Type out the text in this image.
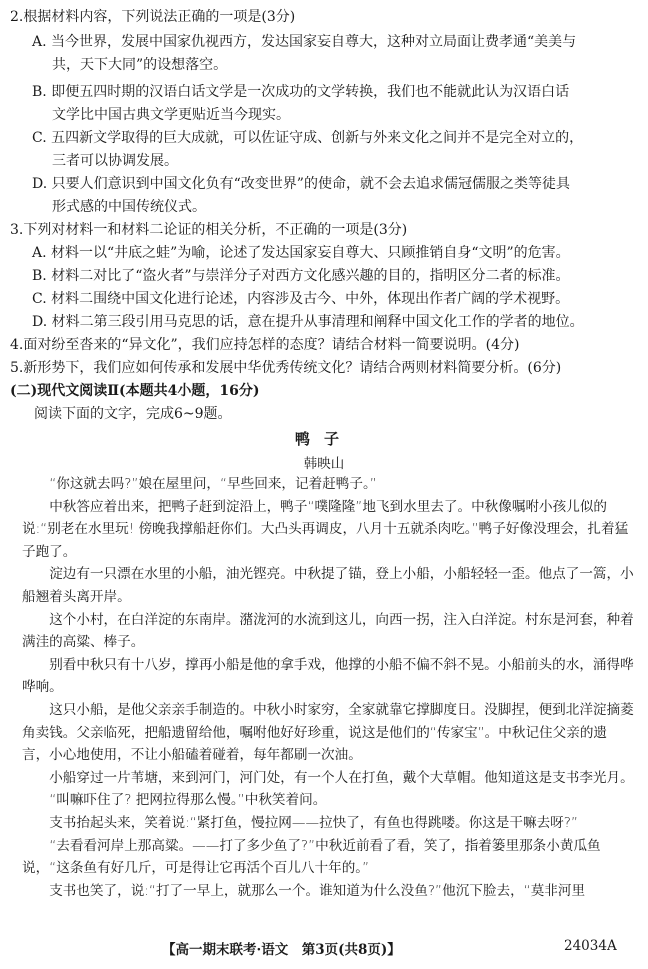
2.根据材料内容，下列说法正确的一项是(3分)

A. 当今世界，发展中国家仇视西方，发达国家妄自尊大，这种对立局面让费孝通“美美与
共，天下大同”的设想落空。
B. 即便五四时期的汉语白话文学是一次成功的文学转换，我们也不能就此认为汉语白话
文学比中国古典文学更贴近当今现实。
C. 五四新文学取得的巨大成就，可以佐证守成、创新与外来文化之间并不是完全对立的，
三者可以协调发展。
D. 只要人们意识到中国文化负有“改变世界”的使命，就不会去追求儒冠儒服之类等徒具
形式感的中国传统仪式。

3.下列对材料一和材料二论证的相关分析，不正确的一项是(3分)

A. 材料一以“井底之蛙”为喻，论述了发达国家妄自尊大、只顾推销自身“文明”的危害。

B. 材料二对比了“盗火者”与崇洋分子对西方文化感兴趣的目的，指明区分二者的标准。

C. 材料二围绕中国文化进行论述，内容涉及古今、中外，体现出作者广阔的学术视野。

D. 材料二第三段引用马克思的话，意在提升从事清理和阐释中国文化工作的学者的地位。

4.面对纷至沓来的“异文化”，我们应持怎样的态度？请结合材料一简要说明。(4分)

5.新形势下，我们应如何传承和发展中华优秀传统文化？请结合两则材料简要分析。(6分)

(二)现代文阅读Ⅱ(本题共4小题，16分)

阅读下面的文字，完成6~9题。

鸭子

韩映山

“你这就去吗?”娘在屋里问，“早些回来，记着赶鸭子。”

中秋答应着出来，把鸭子赶到淀沿上，鸭子“噗隆隆”地飞到水里去了。中秋像嘱咐小孩儿似的说:“别老在水里玩! 傍晚我撑船赶你们。大凸头再调皮，八月十五就杀肉吃。”鸭子好像没理会，扎着猛子跑了。

淀边有一只漂在水里的小船，油光铿亮。中秋提了锚，登上小船，小船轻轻一歪。他点了一篙，小船翘着头离开岸。

这个小村，在白洋淀的东南岸。潴泷河的水流到这儿，向西一拐，注入白洋淀。村东是河套，种着满洼的高粱、棒子。

别看中秋只有十八岁，撑再小船是他的拿手戏，他撑的小船不偏不斜不晃。小船前头的水，涌得哗哗响。

这只小船，是他父亲亲手制造的。中秋小时家穷，全家就靠它撑脚度日。没脚捏，便到北洋淀摘菱角卖钱。父亲临死，把船遗留给他，嘱咐他好好珍重，说这是他们的“传家宝”。中秋记住父亲的遗言，小心地使用，不让小船磕着碰着，每年都刷一次油。

小船穿过一片苇塘，来到河门，河门处，有一个人在打鱼，戴个大草帽。他知道这是支书李光月。

“叫嘛吓住了? 把网拉得那么慢。”中秋笑着问。

支书抬起头来，笑着说:“紧打鱼，慢拉网——拉快了，有鱼也得跳喽。你这是干嘛去呀?”

“去看看河岸上那高粱。——打了多少鱼了?”中秋近前看了看，笑了，指着篓里那条小黄瓜鱼说，“这条鱼有好几斤，可是得让它再活个百儿八十年的。”

支书也笑了，说:“打了一早上，就那么一个。谁知道为什么没鱼?”他沉下脸去，“莫非河里

【高一期末联考·语文　第3页(共8页)】	24034A
